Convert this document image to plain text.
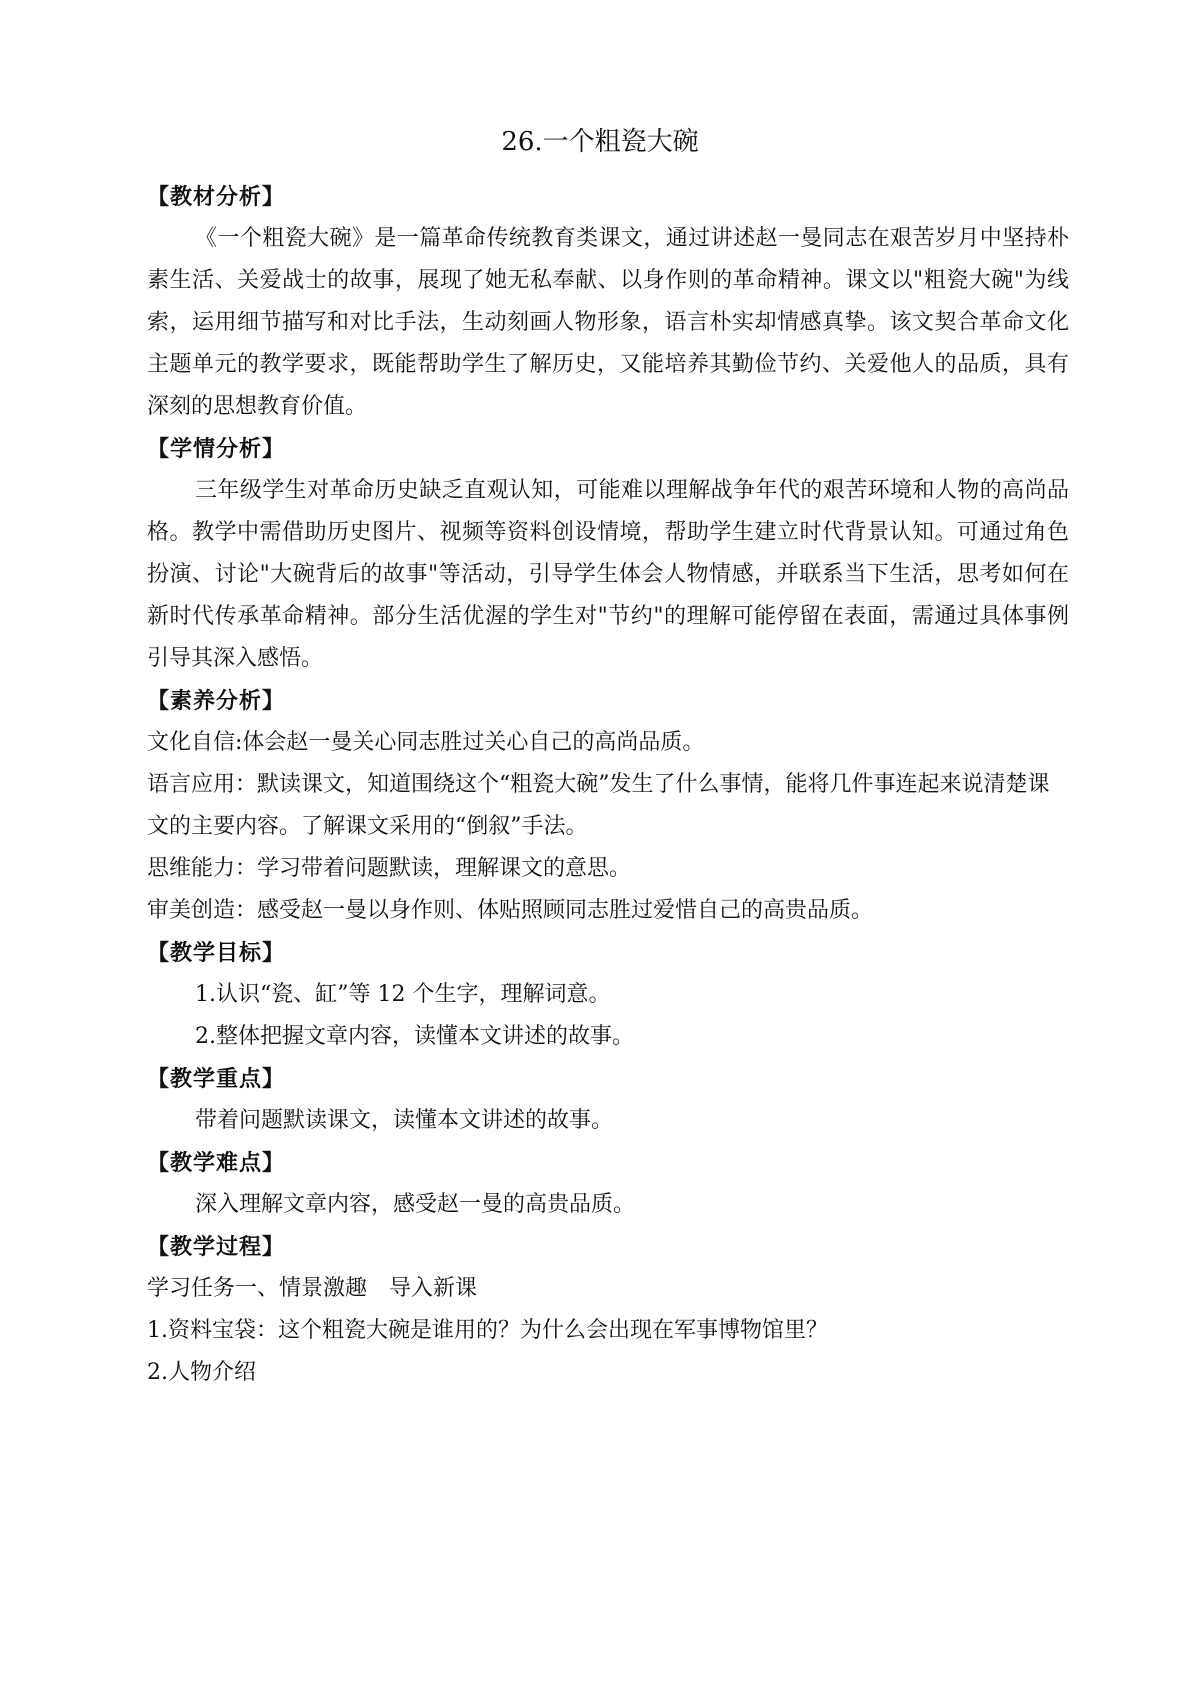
26.一个粗瓷大碗

【教材分析】

《一个粗瓷大碗》是一篇革命传统教育类课文，通过讲述赵一曼同志在艰苦岁月中坚持朴素生活、关爱战士的故事，展现了她无私奉献、以身作则的革命精神。课文以"粗瓷大碗"为线索，运用细节描写和对比手法，生动刻画人物形象，语言朴实却情感真挚。该文契合革命文化主题单元的教学要求，既能帮助学生了解历史，又能培养其勤俭节约、关爱他人的品质，具有深刻的思想教育价值。

【学情分析】

三年级学生对革命历史缺乏直观认知，可能难以理解战争年代的艰苦环境和人物的高尚品格。教学中需借助历史图片、视频等资料创设情境，帮助学生建立时代背景认知。可通过角色扮演、讨论"大碗背后的故事"等活动，引导学生体会人物情感，并联系当下生活，思考如何在新时代传承革命精神。部分生活优渥的学生对"节约"的理解可能停留在表面，需通过具体事例引导其深入感悟。

【素养分析】

文化自信:体会赵一曼关心同志胜过关心自己的高尚品质。

语言应用：默读课文，知道围绕这个“粗瓷大碗”发生了什么事情，能将几件事连起来说清楚课文的主要内容。了解课文采用的“倒叙”手法。

思维能力：学习带着问题默读，理解课文的意思。

审美创造：感受赵一曼以身作则、体贴照顾同志胜过爱惜自己的高贵品质。

【教学目标】

1.认识“瓷、缸”等 12 个生字，理解词意。

2.整体把握文章内容，读懂本文讲述的故事。

【教学重点】

带着问题默读课文，读懂本文讲述的故事。

【教学难点】

深入理解文章内容，感受赵一曼的高贵品质。

【教学过程】

学习任务一、情景激趣　导入新课

1.资料宝袋：这个粗瓷大碗是谁用的？为什么会出现在军事博物馆里？

2.人物介绍
